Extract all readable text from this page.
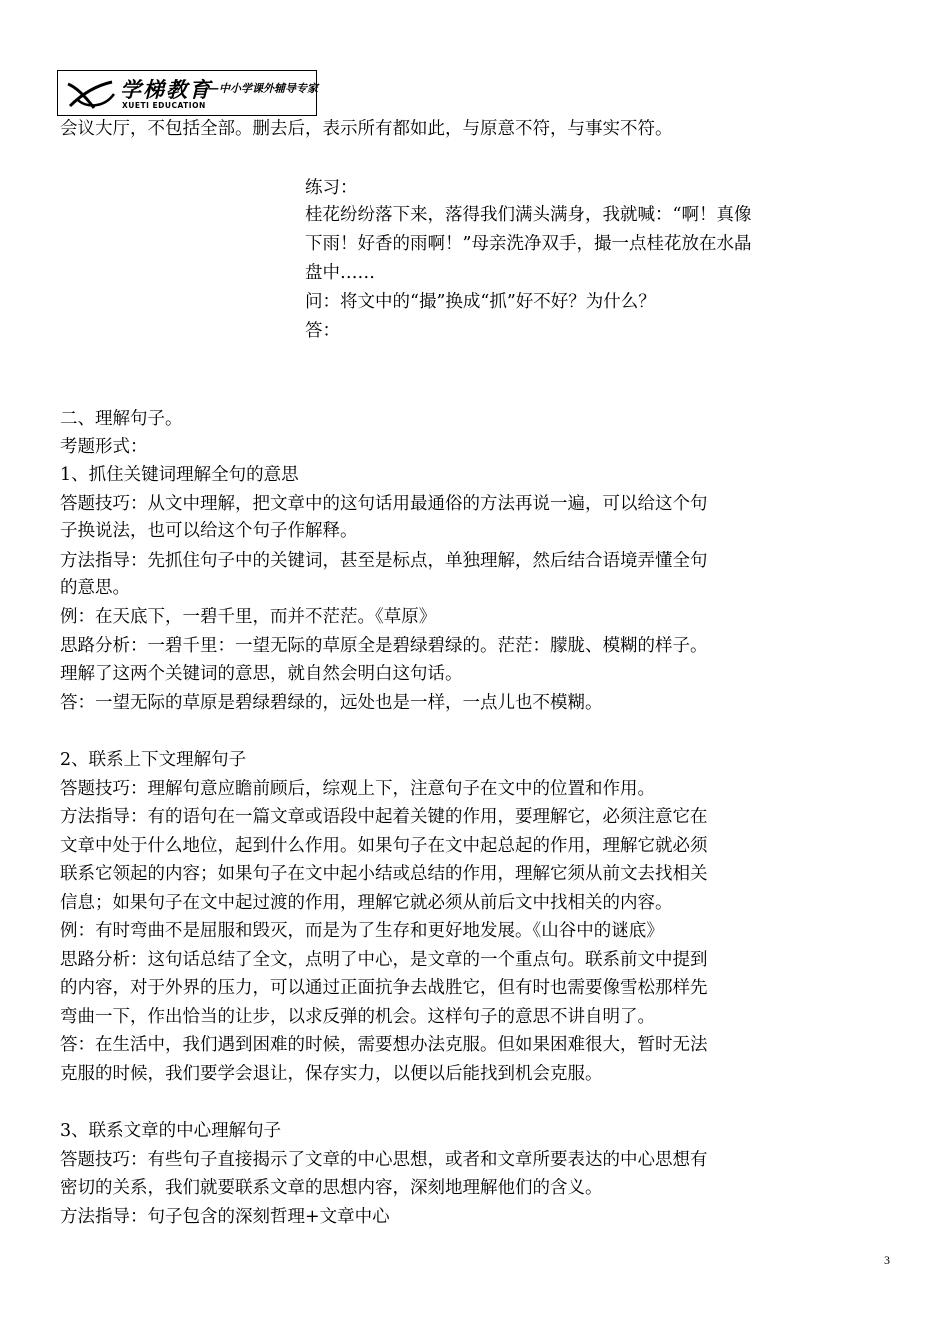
学梯教育
—中小学课外辅导专家
XUETI EDUCATION

会议大厅，不包括全部。删去后，表示所有都如此，与原意不符，与事实不符。

练习：

桂花纷纷落下来，落得我们满头满身，我就喊：“啊！真像

下雨！好香的雨啊！”母亲洗净双手，撮一点桂花放在水晶

盘中……

问：将文中的“撮”换成“抓”好不好？为什么？

答：

二、理解句子。

考题形式：

1、抓住关键词理解全句的意思

答题技巧：从文中理解，把文章中的这句话用最通俗的方法再说一遍，可以给这个句

子换说法，也可以给这个句子作解释。

方法指导：先抓住句子中的关键词，甚至是标点，单独理解，然后结合语境弄懂全句

的意思。

例：在天底下，一碧千里，而并不茫茫。《草原》

思路分析：一碧千里：一望无际的草原全是碧绿碧绿的。茫茫：朦胧、模糊的样子。

理解了这两个关键词的意思，就自然会明白这句话。

答：一望无际的草原是碧绿碧绿的，远处也是一样，一点儿也不模糊。

2、联系上下文理解句子

答题技巧：理解句意应瞻前顾后，综观上下，注意句子在文中的位置和作用。

方法指导：有的语句在一篇文章或语段中起着关键的作用，要理解它，必须注意它在

文章中处于什么地位，起到什么作用。如果句子在文中起总起的作用，理解它就必须

联系它领起的内容；如果句子在文中起小结或总结的作用，理解它须从前文去找相关

信息；如果句子在文中起过渡的作用，理解它就必须从前后文中找相关的内容。

例：有时弯曲不是屈服和毁灭，而是为了生存和更好地发展。《山谷中的谜底》

思路分析：这句话总结了全文，点明了中心，是文章的一个重点句。联系前文中提到

的内容，对于外界的压力，可以通过正面抗争去战胜它，但有时也需要像雪松那样先

弯曲一下，作出恰当的让步，以求反弹的机会。这样句子的意思不讲自明了。

答：在生活中，我们遇到困难的时候，需要想办法克服。但如果困难很大，暂时无法

克服的时候，我们要学会退让，保存实力，以便以后能找到机会克服。

3、联系文章的中心理解句子

答题技巧：有些句子直接揭示了文章的中心思想，或者和文章所要表达的中心思想有

密切的关系，我们就要联系文章的思想内容，深刻地理解他们的含义。

方法指导：句子包含的深刻哲理+文章中心

3
